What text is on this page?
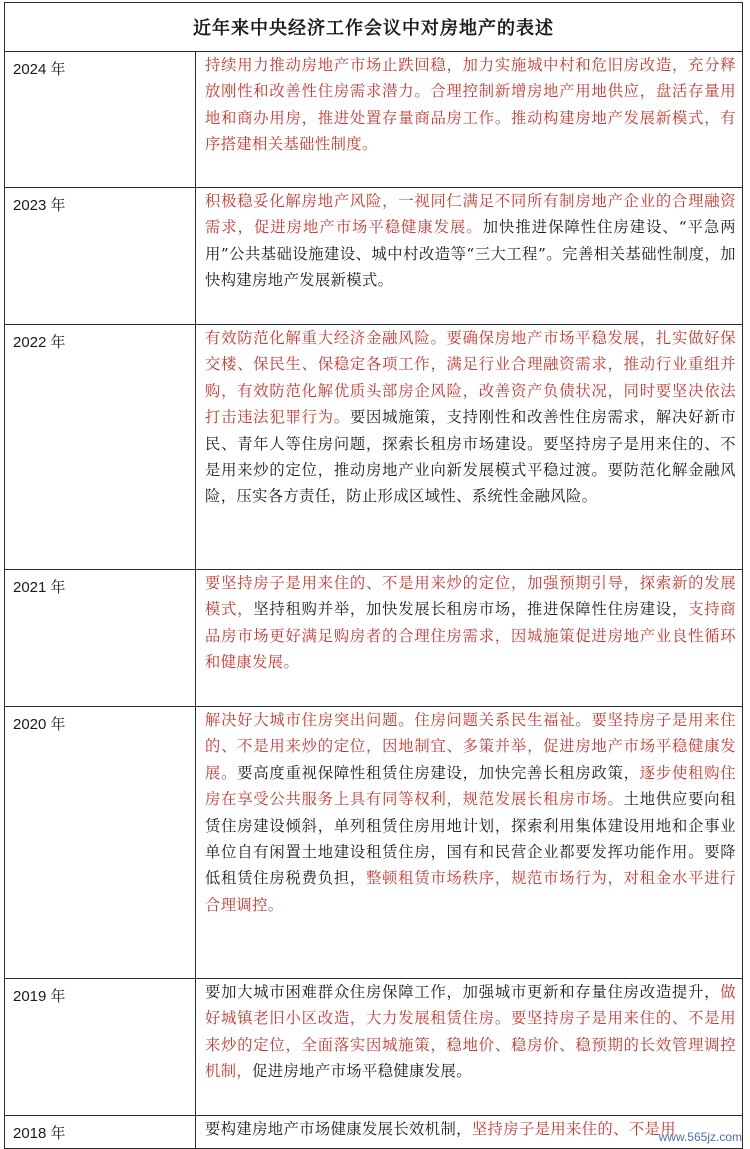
近年来中央经济工作会议中对房地产的表述
2024 年	持续用力推动房地产市场止跌回稳，加力实施城中村和危旧房改造，充分释放刚性和改善性住房需求潜力。合理控制新增房地产用地供应，盘活存量用地和商办用房，推进处置存量商品房工作。推动构建房地产发展新模式，有序搭建相关基础性制度。
2023 年	积极稳妥化解房地产风险，一视同仁满足不同所有制房地产企业的合理融资需求，促进房地产市场平稳健康发展。加快推进保障性住房建设、“平急两用”公共基础设施建设、城中村改造等“三大工程”。完善相关基础性制度，加快构建房地产发展新模式。
2022 年	有效防范化解重大经济金融风险。要确保房地产市场平稳发展，扎实做好保交楼、保民生、保稳定各项工作，满足行业合理融资需求，推动行业重组并购，有效防范化解优质头部房企风险，改善资产负债状况，同时要坚决依法打击违法犯罪行为。要因城施策，支持刚性和改善性住房需求，解决好新市民、青年人等住房问题，探索长租房市场建设。要坚持房子是用来住的、不是用来炒的定位，推动房地产业向新发展模式平稳过渡。要防范化解金融风险，压实各方责任，防止形成区域性、系统性金融风险。
2021 年	要坚持房子是用来住的、不是用来炒的定位，加强预期引导，探索新的发展模式，坚持租购并举，加快发展长租房市场，推进保障性住房建设，支持商品房市场更好满足购房者的合理住房需求，因城施策促进房地产业良性循环和健康发展。
2020 年	解决好大城市住房突出问题。住房问题关系民生福祉。要坚持房子是用来住的、不是用来炒的定位，因地制宜、多策并举，促进房地产市场平稳健康发展。要高度重视保障性租赁住房建设，加快完善长租房政策，逐步使租购住房在享受公共服务上具有同等权利，规范发展长租房市场。土地供应要向租赁住房建设倾斜，单列租赁住房用地计划，探索利用集体建设用地和企事业单位自有闲置土地建设租赁住房，国有和民营企业都要发挥功能作用。要降低租赁住房税费负担，整顿租赁市场秩序，规范市场行为，对租金水平进行合理调控。
2019 年	要加大城市困难群众住房保障工作，加强城市更新和存量住房改造提升，做好城镇老旧小区改造，大力发展租赁住房。要坚持房子是用来住的、不是用来炒的定位，全面落实因城施策，稳地价、稳房价、稳预期的长效管理调控机制，促进房地产市场平稳健康发展。
2018 年	要构建房地产市场健康发展长效机制，坚持房子是用来住的、不是用
www.565jz.com
